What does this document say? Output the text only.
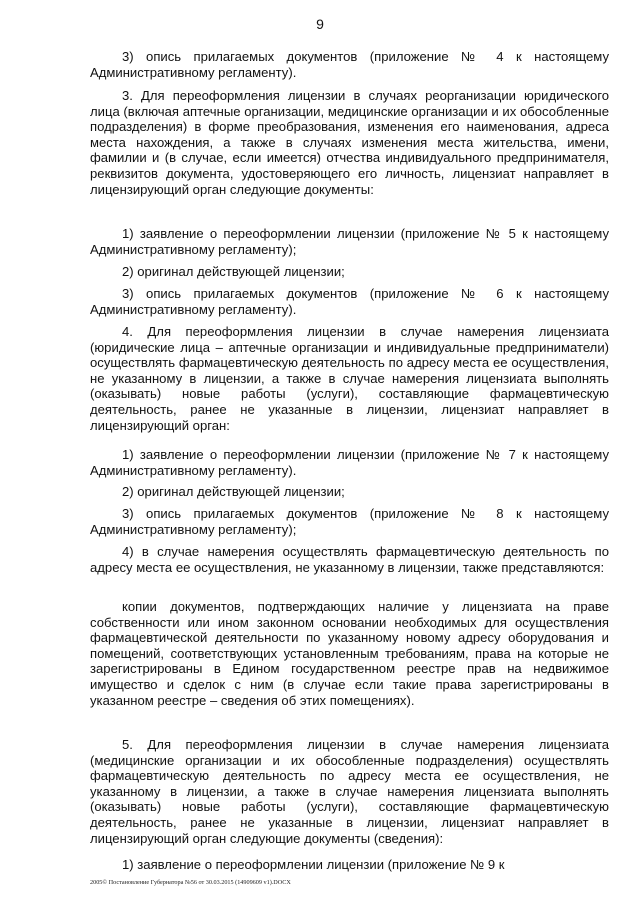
9
3) опись прилагаемых документов (приложение № 4 к настоящему Административному регламенту).
3. Для переоформления лицензии в случаях реорганизации юридического лица (включая аптечные организации, медицинские организации и их обособленные подразделения) в форме преобразования, изменения его наименования, адреса места нахождения, а также в случаях изменения места жительства, имени, фамилии и (в случае, если имеется) отчества индивидуального предпринимателя, реквизитов документа, удостоверяющего его личность, лицензиат направляет в лицензирующий орган следующие документы:
1) заявление о переоформлении лицензии (приложение № 5 к настоящему Административному регламенту);
2) оригинал действующей лицензии;
3) опись прилагаемых документов (приложение № 6 к настоящему Административному регламенту).
4. Для переоформления лицензии в случае намерения лицензиата (юридические лица – аптечные организации и индивидуальные предприниматели) осуществлять фармацевтическую деятельность по адресу места ее осуществления, не указанному в лицензии, а также в случае намерения лицензиата выполнять (оказывать) новые работы (услуги), составляющие фармацевтическую деятельность, ранее не указанные в лицензии, лицензиат направляет в лицензирующий орган:
1) заявление о переоформлении лицензии (приложение № 7 к настоящему Административному регламенту).
2) оригинал действующей лицензии;
3) опись прилагаемых документов (приложение № 8 к настоящему Административному регламенту);
4) в случае намерения осуществлять фармацевтическую деятельность по адресу места ее осуществления, не указанному в лицензии, также представляются:
копии документов, подтверждающих наличие у лицензиата на праве собственности или ином законном основании необходимых для осуществления фармацевтической деятельности по указанному новому адресу оборудования и помещений, соответствующих установленным требованиям, права на которые не зарегистрированы в Едином государственном реестре прав на недвижимое имущество и сделок с ним (в случае если такие права зарегистрированы в указанном реестре – сведения об этих помещениях).
5. Для переоформления лицензии в случае намерения лицензиата (медицинские организации и их обособленные подразделения) осуществлять фармацевтическую деятельность по адресу места ее осуществления, не указанному в лицензии, а также в случае намерения лицензиата выполнять (оказывать) новые работы (услуги), составляющие фармацевтическую деятельность, ранее не указанные в лицензии, лицензиат направляет в лицензирующий орган следующие документы (сведения):
1) заявление о переоформлении лицензии (приложение № 9 к
2005© Постановление Губернатора №56 от 30.03.2015 (14909609 v1).DOCX
